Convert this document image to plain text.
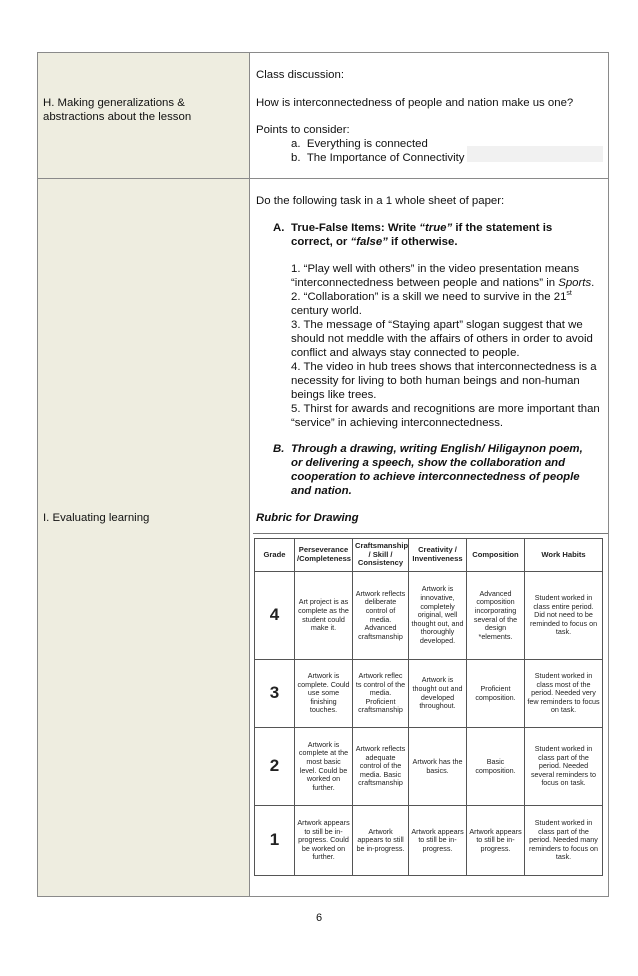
H. Making generalizations &
abstractions about the lesson
Class discussion:
How is interconnectedness of people and nation make us one?
Points to consider:
a. Everything is connected
b. The Importance of Connectivity
I. Evaluating learning
Do the following task in a 1 whole sheet of paper:
A. True-False Items: Write “true” if the statement is
correct, or “false” if otherwise.

1. “Play well with others” in the video presentation means
“interconnectedness between people and nations” in Sports.

2. “Collaboration” is a skill we need to survive in the 21st
century world.

3. The message of “Staying apart” slogan suggest that we should not meddle with the affairs of others in order to avoid conflict and always stay connected to people.

4. The video in hub trees shows that interconnectedness is a necessity for living to both human beings and non-human beings like trees.

5. Thirst for awards and recognitions are more important than “service” in achieving interconnectedness.

B. Through a drawing, writing English/ Hiligaynon poem, or delivering a speech, show the collaboration and cooperation to achieve interconnectedness of people and nation.
Rubric for Drawing
Grade	Perseverance /Completeness	Craftsmanship / Skill / Consistency	Creativity / Inventiveness	Composition	Work Habits
4	Art project is as complete as the student could make it.	Artwork reflects deliberate control of media. Advanced craftsmanship	Artwork is innovative, completely original, well thought out, and thoroughly developed.	Advanced composition incorporating several of the design *elements.	Student worked in class entire period. Did not need to be reminded to focus on task.
3	Artwork is complete. Could use some finishing touches.	Artwork reflec ts control of the media. Proficient craftsmanship	Artwork is thought out and developed throughout.	Proficient composition.	Student worked in class most of the period. Needed very few reminders to focus on task.
2	Artwork is complete at the most basic level. Could be worked on further.	Artwork reflects adequate control of the media. Basic craftsmanship	Artwork has the basics.	Basic composition.	Student worked in class part of the period. Needed several reminders to focus on task.
1	Artwork appears to still be in-progress. Could be worked on further.	Artwork appears to still be in-progress.	Artwork appears to still be in-progress.	Artwork appears to still be in-progress.	Student worked in class part of the period. Needed many reminders to focus on task.
6
